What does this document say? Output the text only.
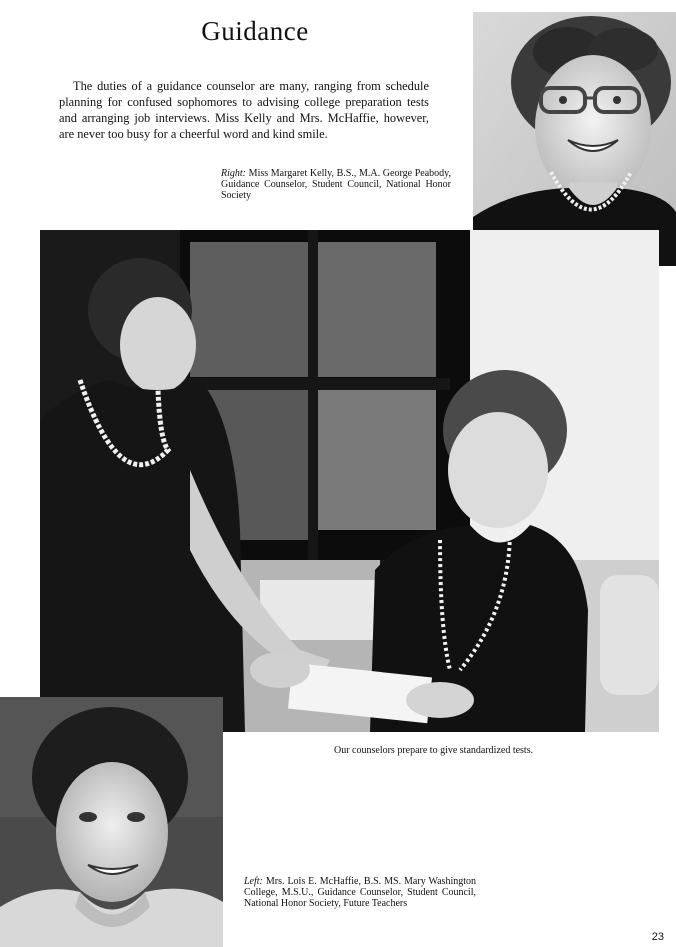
Guidance

The duties of a guidance counselor are many, ranging from schedule planning for confused sophomores to advising college preparation tests and arranging job interviews. Miss Kelly and Mrs. McHaffie, however, are never too busy for a cheerful word and kind smile.

Right: Miss Margaret Kelly, B.S., M.A. George Peabody, Guidance Counselor, Student Council, National Honor Society

Our counselors prepare to give standardized tests.

Left: Mrs. Lois E. McHaffie, B.S. MS. Mary Washington College, M.S.U., Guidance Counselor, Student Council, National Honor Society, Future Teachers

23
